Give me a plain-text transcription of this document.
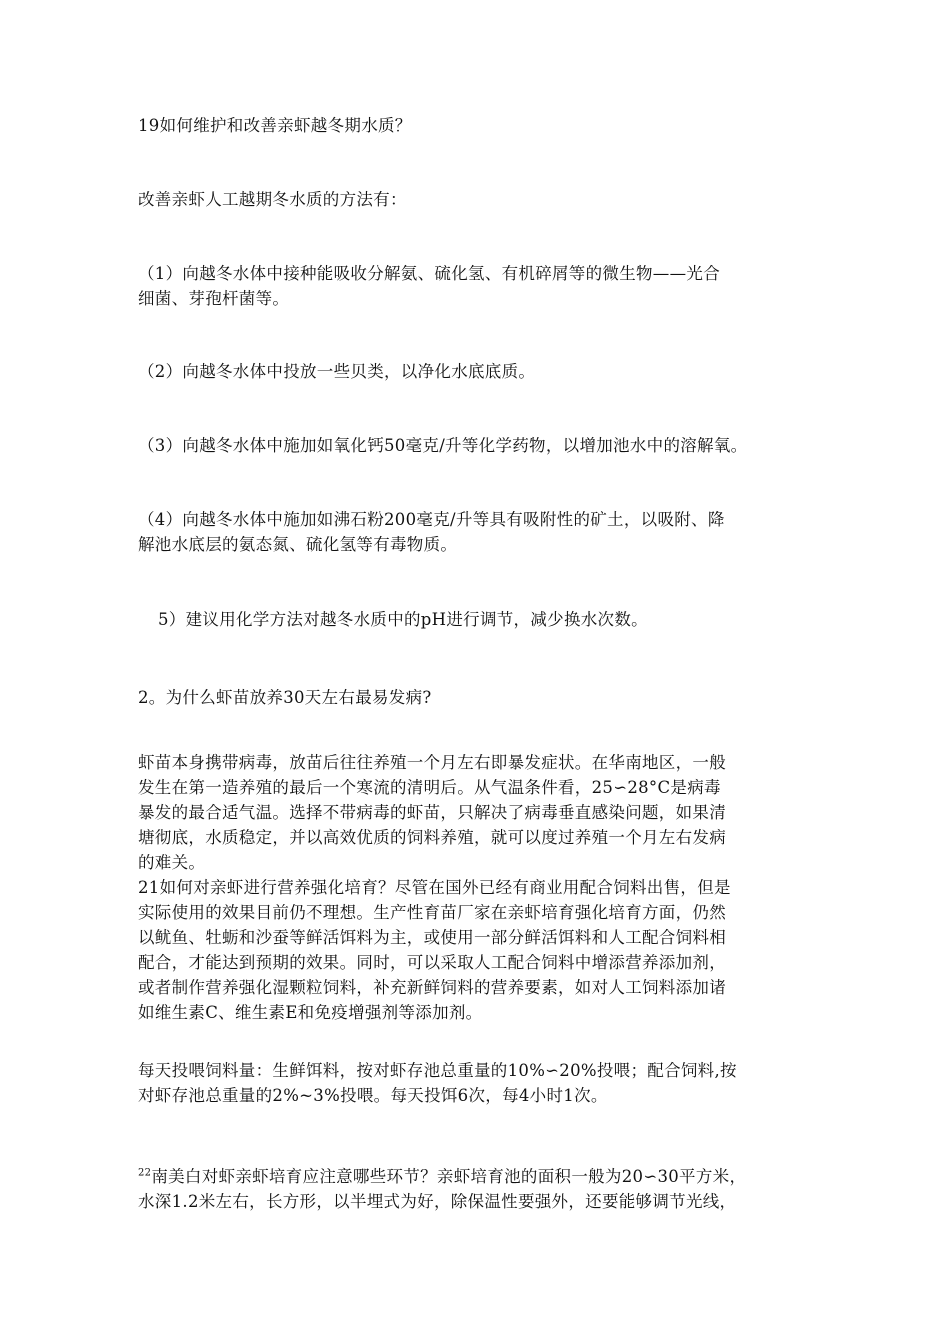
19如何维护和改善亲虾越冬期水质？

改善亲虾人工越期冬水质的方法有：

（1）向越冬水体中接种能吸收分解氨、硫化氢、有机碎屑等的微生物——光合
细菌、芽孢杆菌等。

（2）向越冬水体中投放一些贝类，以净化水底底质。

（3）向越冬水体中施加如氧化钙50毫克/升等化学药物，以增加池水中的溶解氧。

（4）向越冬水体中施加如沸石粉200毫克/升等具有吸附性的矿土，以吸附、降
解池水底层的氨态氮、硫化氢等有毒物质。

5）建议用化学方法对越冬水质中的pH进行调节，减少换水次数。

2。为什么虾苗放养30天左右最易发病?

虾苗本身携带病毒，放苗后往往养殖一个月左右即暴发症状。在华南地区，一般
发生在第一造养殖的最后一个寒流的清明后。从气温条件看，25∽28°C是病毒
暴发的最合适气温。选择不带病毒的虾苗，只解决了病毒垂直感染问题，如果清
塘彻底，水质稳定，并以高效优质的饲料养殖，就可以度过养殖一个月左右发病
的难关。

21如何对亲虾进行营养强化培育？尽管在国外已经有商业用配合饲料出售，但是
实际使用的效果目前仍不理想。生产性育苗厂家在亲虾培育强化培育方面，仍然
以鱿鱼、牡蛎和沙蚕等鲜活饵料为主，或使用一部分鲜活饵料和人工配合饲料相
配合，才能达到预期的效果。同时，可以采取人工配合饲料中增添营养添加剂，
或者制作营养强化湿颗粒饲料，补充新鲜饲料的营养要素，如对人工饲料添加诸
如维生素C、维生素E和免疫增强剂等添加剂。

每天投喂饲料量：生鲜饵料，按对虾存池总重量的10%∽20%投喂；配合饲料,按
对虾存池总重量的2%~3%投喂。每天投饵6次，每4小时1次。

$^{22}$南美白对虾亲虾培育应注意哪些环节？亲虾培育池的面积一般为20∽30平方米，
水深1.2米左右，长方形，以半埋式为好，除保温性要强外，还要能够调节光线，
